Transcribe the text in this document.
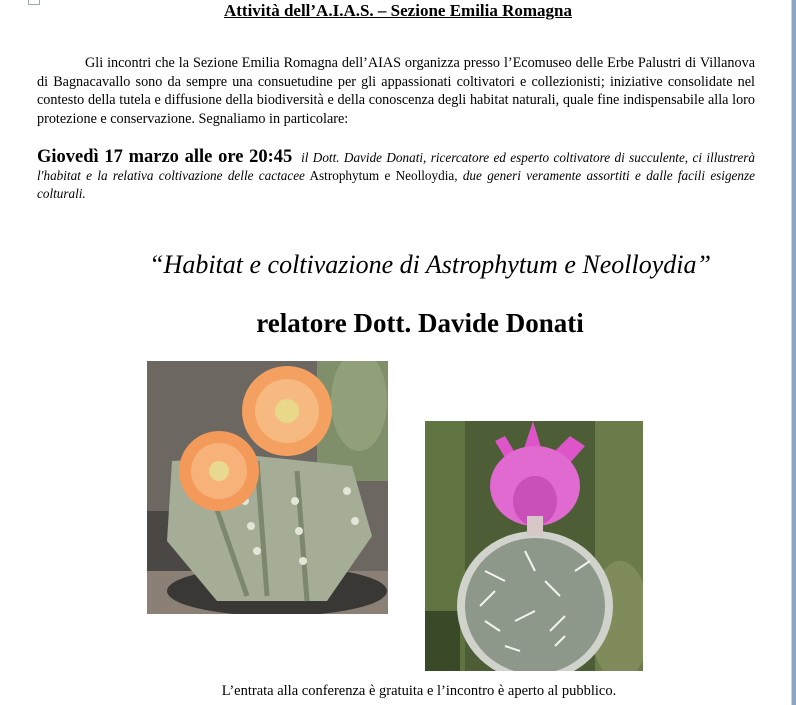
Attività dell’A.I.A.S. – Sezione Emilia Romagna
Gli incontri che la Sezione Emilia Romagna dell’AIAS organizza presso l’Ecomuseo delle Erbe Palustri di Villanova di Bagnacavallo sono da sempre una consuetudine per gli appassionati coltivatori e collezionisti; iniziative consolidate nel contesto della tutela e diffusione della biodiversità e della conoscenza degli habitat naturali, quale fine indispensabile alla loro protezione e conservazione. Segnaliamo in particolare:
Giovedì 17 marzo alle ore 20:45 il Dott. Davide Donati, ricercatore ed esperto coltivatore di succulente, ci illustrerà l'habitat e la relativa coltivazione delle cactacee Astrophytum e Neolloydia, due generi veramente assortiti e dalle facili esigenze colturali.
“Habitat e coltivazione di Astrophytum e Neolloydia”
relatore Dott. Davide Donati
L’entrata alla conferenza è gratuita e l’incontro è aperto al pubblico.
